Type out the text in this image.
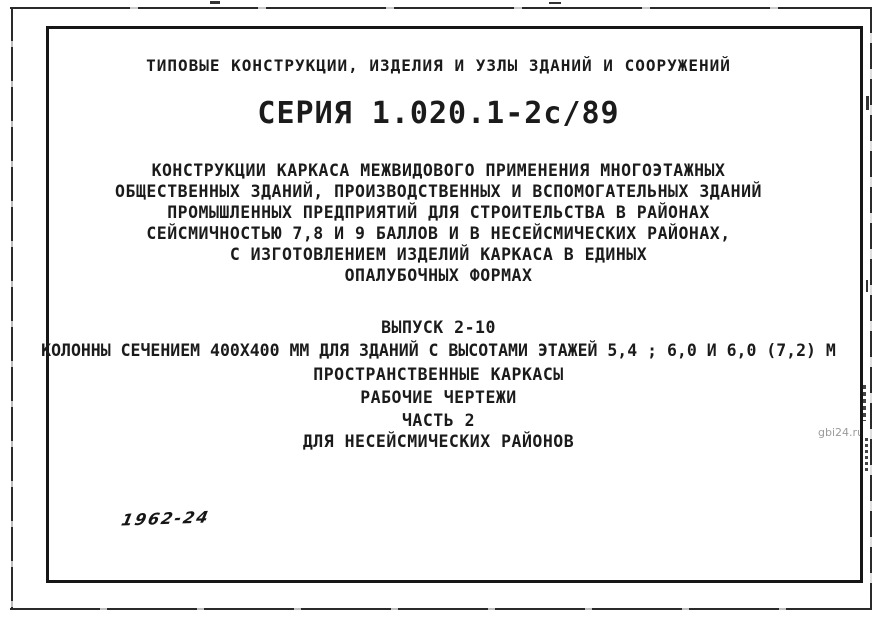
gbi24.ru
ТИПОВЫЕ КОНСТРУКЦИИ, ИЗДЕЛИЯ И УЗЛЫ ЗДАНИЙ И СООРУЖЕНИЙ
СЕРИЯ 1.020.1-2с/89
КОНСТРУКЦИИ КАРКАСА МЕЖВИДОВОГО ПРИМЕНЕНИЯ МНОГОЭТАЖНЫХ
ОБЩЕСТВЕННЫХ ЗДАНИЙ, ПРОИЗВОДСТВЕННЫХ И ВСПОМОГАТЕЛЬНЫХ ЗДАНИЙ
ПРОМЫШЛЕННЫХ ПРЕДПРИЯТИЙ ДЛЯ СТРОИТЕЛЬСТВА В РАЙОНАХ
СЕЙСМИЧНОСТЬЮ 7,8 И 9 БАЛЛОВ И В НЕСЕЙСМИЧЕСКИХ РАЙОНАХ,
С ИЗГОТОВЛЕНИЕМ ИЗДЕЛИЙ КАРКАСА В ЕДИНЫХ
ОПАЛУБОЧНЫХ ФОРМАХ
ВЫПУСК 2-10
КОЛОННЫ СЕЧЕНИЕМ 400Х400 ММ ДЛЯ ЗДАНИЙ С ВЫСОТАМИ ЭТАЖЕЙ 5,4 ; 6,0 И 6,0 (7,2) М
ПРОСТРАНСТВЕННЫЕ КАРКАСЫ
РАБОЧИЕ ЧЕРТЕЖИ
ЧАСТЬ 2
ДЛЯ НЕСЕЙСМИЧЕСКИХ РАЙОНОВ
1962-24
